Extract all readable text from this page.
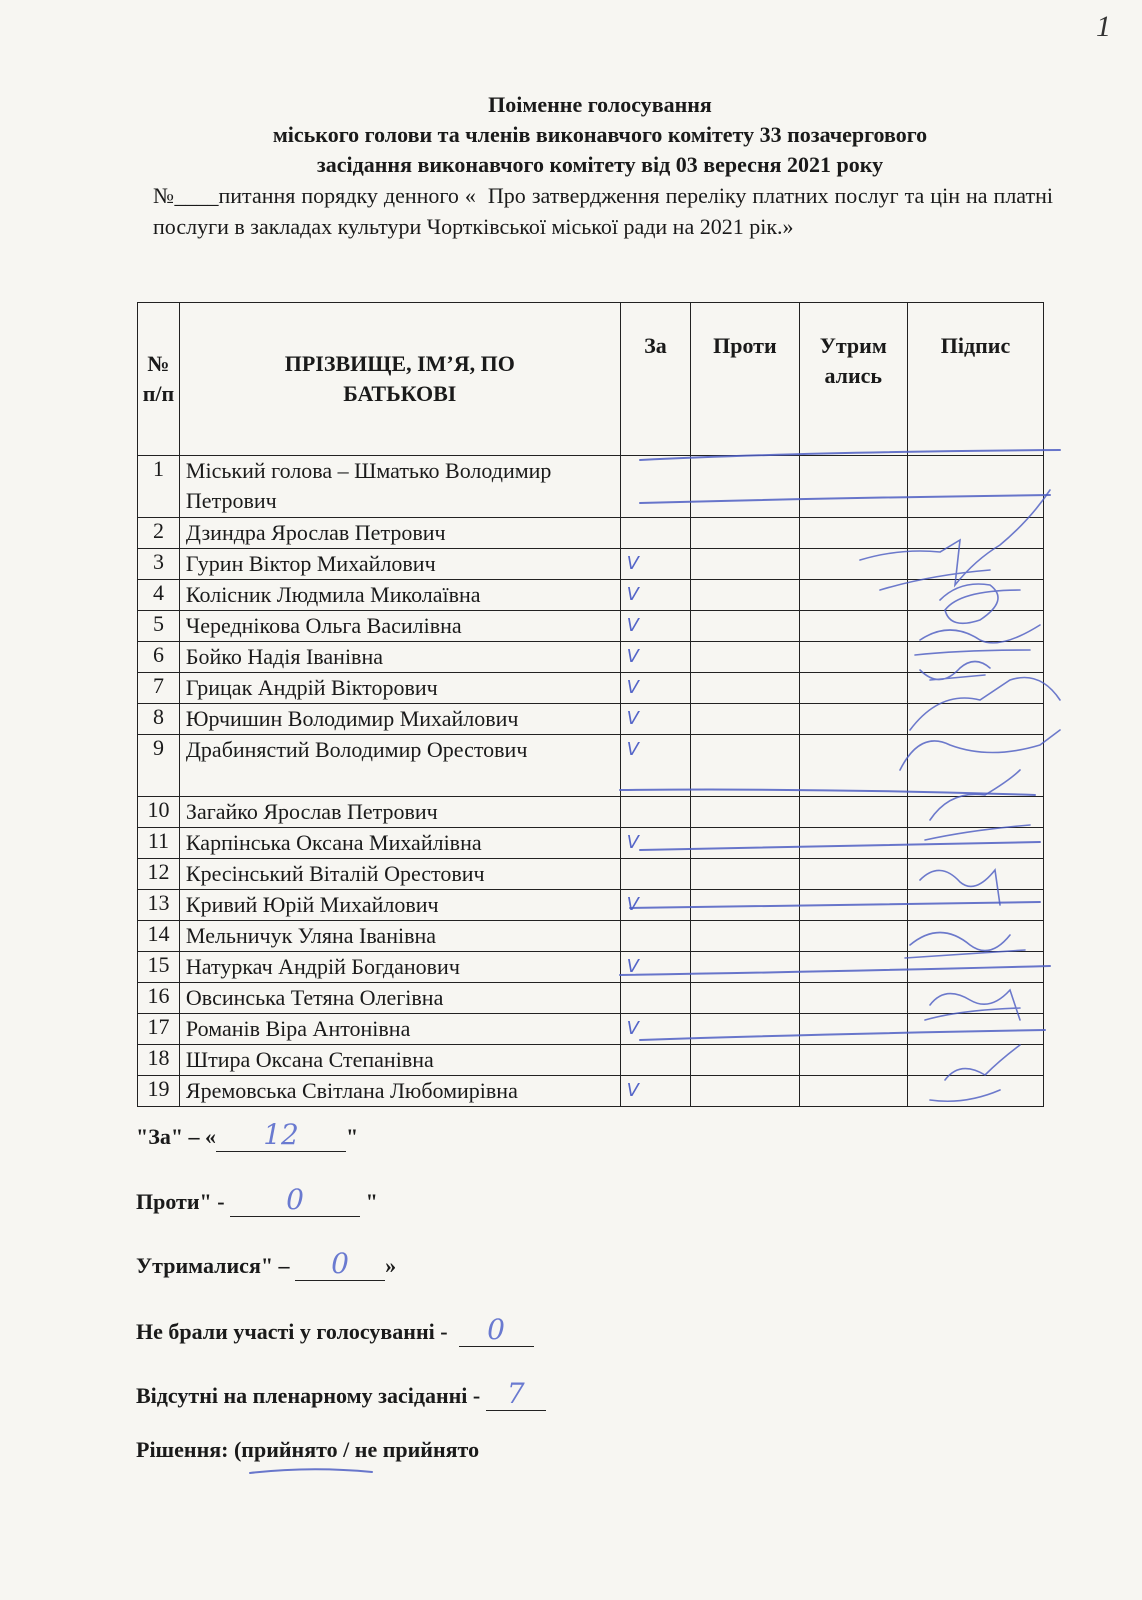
1
Поіменне голосування
міського голови та членів виконавчого комітету 33 позачергового
засідання виконавчого комітету від 03 вересня 2021 року
№____питання порядку денного « Про затвердження переліку платних послуг та цін на платні послуги в закладах культури Чортківської міської ради на 2021 рік.»
№ п/п	ПРІЗВИЩЕ, ІМ’Я, ПО БАТЬКОВІ	За	Проти	Утрим ались	Підпис
1	Міський голова – Шматько Володимир Петрович				
2	Дзиндра Ярослав Петрович				
3	Гурин Віктор Михайлович	V			
4	Колісник Людмила Миколаївна	V			
5	Череднікова Ольга Василівна	V			
6	Бойко Надія Іванівна	V			
7	Грицак Андрій Вікторович	V			
8	Юрчишин Володимир Михайлович	V			
9	Драбинястий Володимир Орестович	V			
10	Загайко Ярослав Петрович				
11	Карпінська Оксана Михайлівна	V			
12	Кресінський Віталій Орестович				
13	Кривий Юрій Михайлович	V			
14	Мельничук Уляна Іванівна				
15	Натуркач Андрій Богданович	V			
16	Овсинська Тетяна Олегівна				
17	Романів Віра Антонівна	V			
18	Штира Оксана Степанівна				
19	Яремовська Світлана Любомирівна	V			
"За" – « 12 "
Проти" - 0	"
Утрималися" – 0 »
Не брали участі у голосуванні - 0
Відсутні на пленарному засіданні - 7
Рішення: (прийнято / не прийнято
